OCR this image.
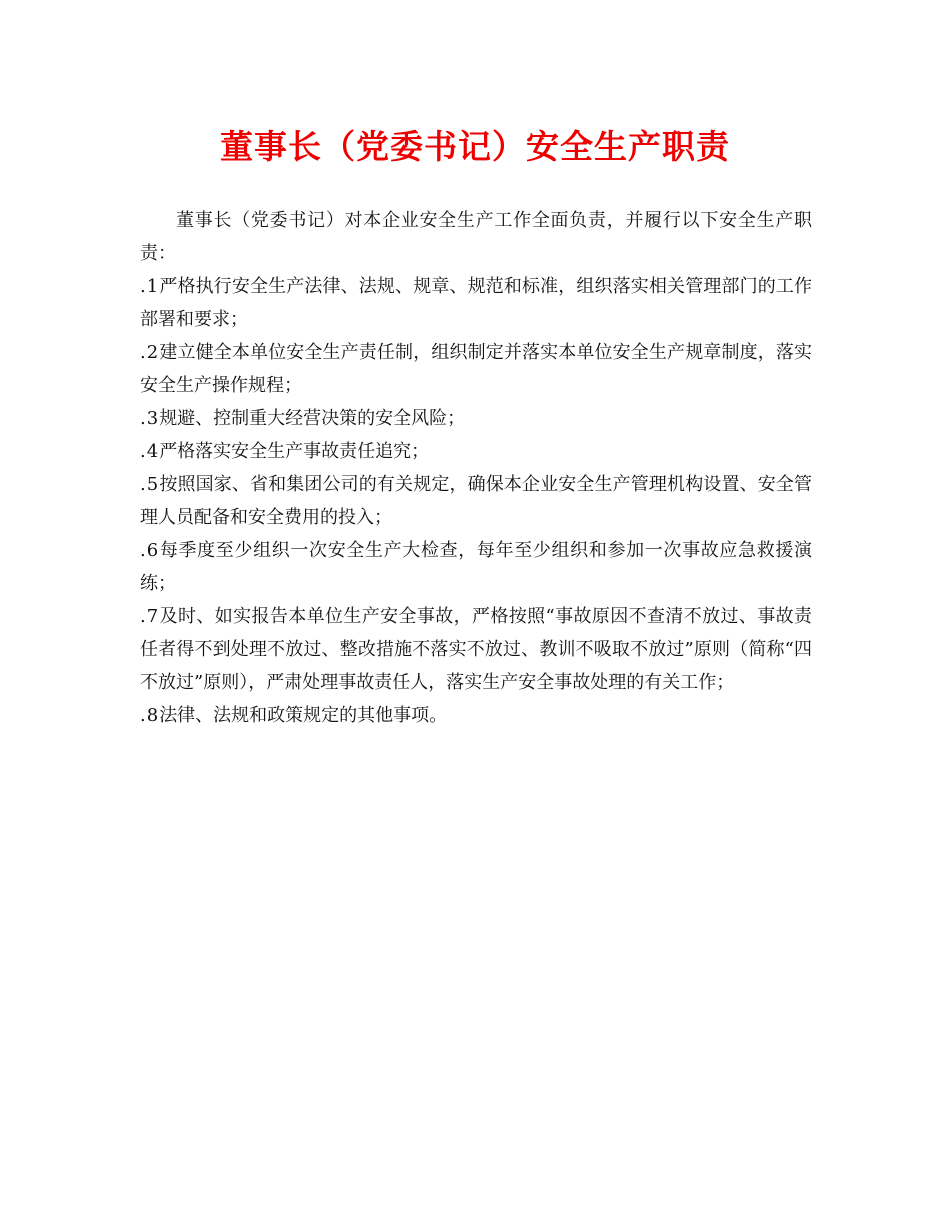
董事长（党委书记）安全生产职责

董事长（党委书记）对本企业安全生产工作全面负责，并履行以下安全生产职责：

.1严格执行安全生产法律、法规、规章、规范和标准，组织落实相关管理部门的工作部署和要求；

.2建立健全本单位安全生产责任制，组织制定并落实本单位安全生产规章制度，落实安全生产操作规程；

.3规避、控制重大经营决策的安全风险；

.4严格落实安全生产事故责任追究；

.5按照国家、省和集团公司的有关规定，确保本企业安全生产管理机构设置、安全管理人员配备和安全费用的投入；

.6每季度至少组织一次安全生产大检查，每年至少组织和参加一次事故应急救援演练；

.7及时、如实报告本单位生产安全事故，严格按照“事故原因不查清不放过、事故责任者得不到处理不放过、整改措施不落实不放过、教训不吸取不放过”原则（简称“四不放过”原则），严肃处理事故责任人，落实生产安全事故处理的有关工作；

.8法律、法规和政策规定的其他事项。
